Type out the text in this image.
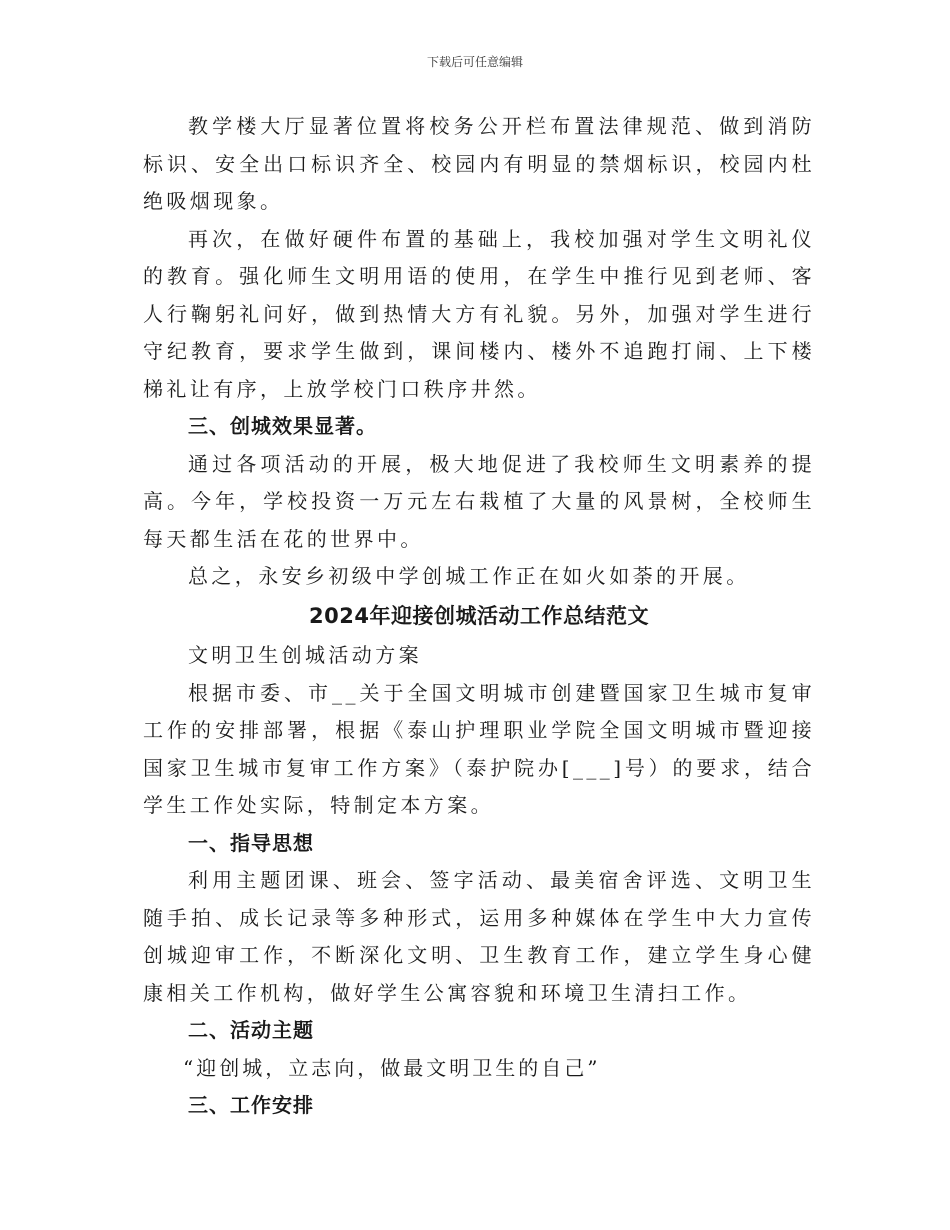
下载后可任意编辑

教学楼大厅显著位置将校务公开栏布置法律规范、做到消防标识、安全出口标识齐全、校园内有明显的禁烟标识，校园内杜绝吸烟现象。

再次，在做好硬件布置的基础上，我校加强对学生文明礼仪的教育。强化师生文明用语的使用，在学生中推行见到老师、客人行鞠躬礼问好，做到热情大方有礼貌。另外，加强对学生进行守纪教育，要求学生做到，课间楼内、楼外不追跑打闹、上下楼梯礼让有序，上放学校门口秩序井然。

三、创城效果显著。

通过各项活动的开展，极大地促进了我校师生文明素养的提高。今年，学校投资一万元左右栽植了大量的风景树，全校师生每天都生活在花的世界中。

总之，永安乡初级中学创城工作正在如火如荼的开展。

2024年迎接创城活动工作总结范文

文明卫生创城活动方案

根据市委、市__关于全国文明城市创建暨国家卫生城市复审工作的安排部署，根据《泰山护理职业学院全国文明城市暨迎接国家卫生城市复审工作方案》（泰护院办[___]号）的要求，结合学生工作处实际，特制定本方案。

一、指导思想

利用主题团课、班会、签字活动、最美宿舍评选、文明卫生随手拍、成长记录等多种形式，运用多种媒体在学生中大力宣传创城迎审工作，不断深化文明、卫生教育工作，建立学生身心健康相关工作机构，做好学生公寓容貌和环境卫生清扫工作。

二、活动主题

“迎创城，立志向，做最文明卫生的自己”

三、工作安排
